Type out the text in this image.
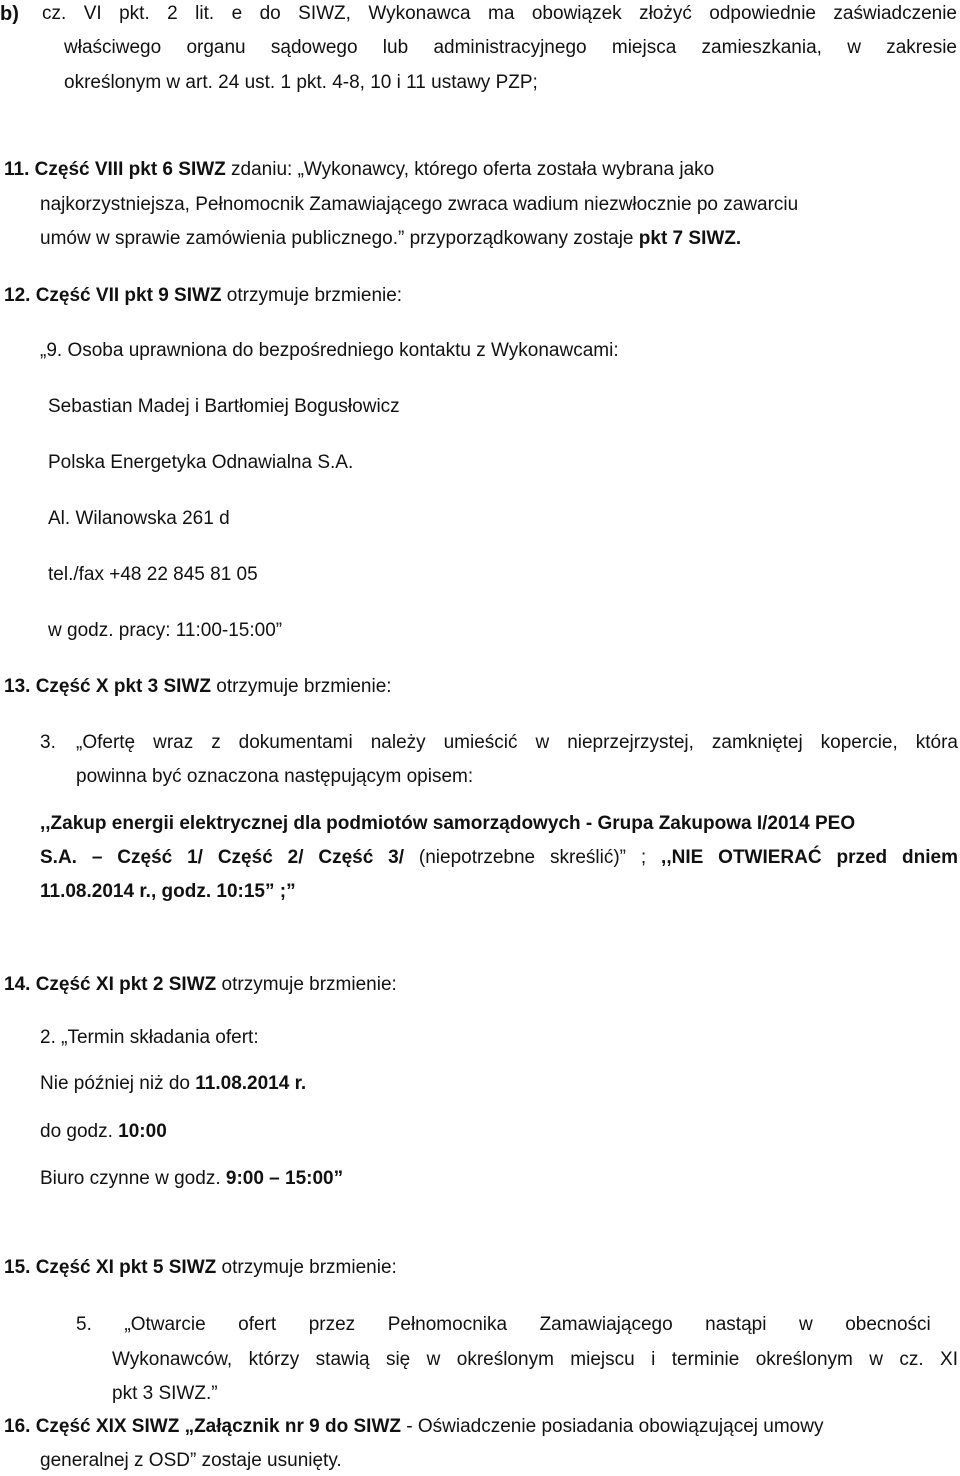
b) cz. VI pkt. 2 lit. e do SIWZ, Wykonawca ma obowiązek złożyć odpowiednie zaświadczenie
właściwego organu sądowego lub administracyjnego miejsca zamieszkania, w zakresie
określonym w art. 24 ust. 1 pkt. 4-8, 10 i 11 ustawy PZP;
11. Część VIII pkt 6 SIWZ zdaniu: „Wykonawcy, którego oferta została wybrana jako
najkorzystniejsza, Pełnomocnik Zamawiającego zwraca wadium niezwłocznie po zawarciu
umów w sprawie zamówienia publicznego.” przyporządkowany zostaje pkt 7 SIWZ.
12. Część VII pkt 9 SIWZ otrzymuje brzmienie:
„9. Osoba uprawniona do bezpośredniego kontaktu z Wykonawcami:
Sebastian Madej i Bartłomiej Bogusłowicz
Polska Energetyka Odnawialna S.A.
Al. Wilanowska 261 d
tel./fax +48 22 845 81 05
w godz. pracy: 11:00-15:00”
13. Część X pkt 3 SIWZ otrzymuje brzmienie:
3. „Ofertę wraz z dokumentami należy umieścić w nieprzejrzystej, zamkniętej kopercie, która
powinna być oznaczona następującym opisem:
,,Zakup energii elektrycznej dla podmiotów samorządowych - Grupa Zakupowa I/2014 PEO
S.A. – Część 1/ Część 2/ Część 3/ (niepotrzebne skreślić)” ; ,,NIE OTWIERAĆ przed dniem
11.08.2014 r., godz. 10:15” ;”
14. Część XI pkt 2 SIWZ otrzymuje brzmienie:
2. „Termin składania ofert:
Nie później niż do 11.08.2014 r.
do godz. 10:00
Biuro czynne w godz. 9:00 – 15:00”
15. Część XI pkt 5 SIWZ otrzymuje brzmienie:
5. „Otwarcie ofert przez Pełnomocnika Zamawiającego nastąpi w obecności
Wykonawców, którzy stawią się w określonym miejscu i terminie określonym w cz. XI
pkt 3 SIWZ.”
16. Część XIX SIWZ „Załącznik nr 9 do SIWZ - Oświadczenie posiadania obowiązującej umowy
generalnej z OSD” zostaje usunięty.
